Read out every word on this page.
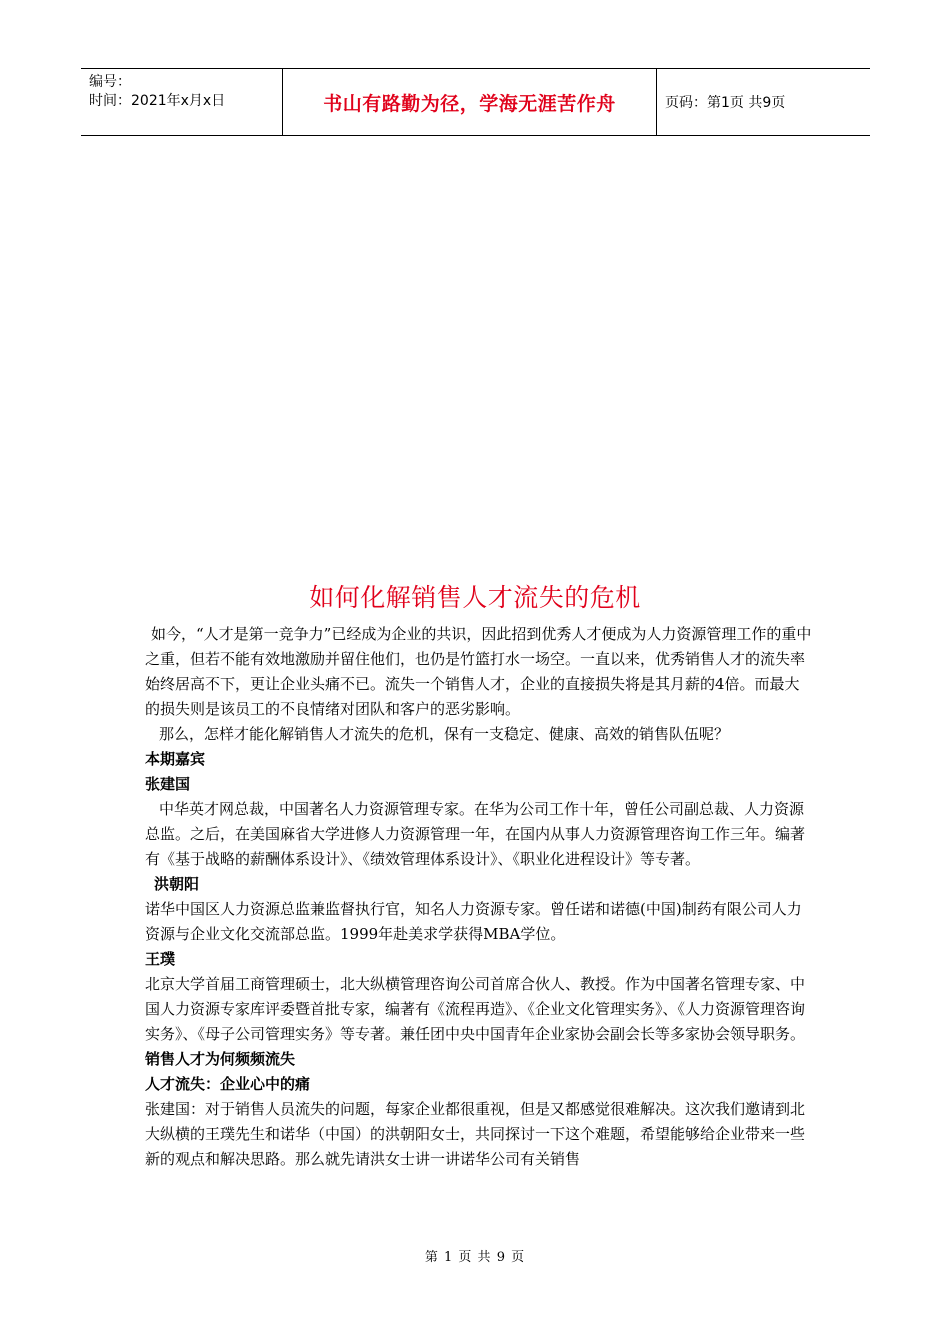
编号：
时间：2021年x月x日	书山有路勤为径，学海无涯苦作舟	页码：第1页 共9页
如何化解销售人才流失的危机

如今，“人才是第一竞争力”已经成为企业的共识，因此招到优秀人才便成为人力资源管理工作的重中之重，但若不能有效地激励并留住他们，也仍是竹篮打水一场空。一直以来，优秀销售人才的流失率始终居高不下，更让企业头痛不已。流失一个销售人才，企业的直接损失将是其月薪的4倍。而最大的损失则是该员工的不良情绪对团队和客户的恶劣影响。

那么，怎样才能化解销售人才流失的危机，保有一支稳定、健康、高效的销售队伍呢？

本期嘉宾

张建国

中华英才网总裁，中国著名人力资源管理专家。在华为公司工作十年，曾任公司副总裁、人力资源总监。之后，在美国麻省大学进修人力资源管理一年，在国内从事人力资源管理咨询工作三年。编著有《基于战略的薪酬体系设计》、《绩效管理体系设计》、《职业化进程设计》等专著。

洪朝阳

诺华中国区人力资源总监兼监督执行官，知名人力资源专家。曾任诺和诺德(中国)制药有限公司人力资源与企业文化交流部总监。1999年赴美求学获得MBA学位。

王璞

北京大学首届工商管理硕士，北大纵横管理咨询公司首席合伙人、教授。作为中国著名管理专家、中国人力资源专家库评委暨首批专家，编著有《流程再造》、《企业文化管理实务》、《人力资源管理咨询实务》、《母子公司管理实务》等专著。兼任团中央中国青年企业家协会副会长等多家协会领导职务。

销售人才为何频频流失

人才流失：企业心中的痛

张建国：对于销售人员流失的问题，每家企业都很重视，但是又都感觉很难解决。这次我们邀请到北大纵横的王璞先生和诺华（中国）的洪朝阳女士，共同探讨一下这个难题，希望能够给企业带来一些新的观点和解决思路。那么就先请洪女士讲一讲诺华公司有关销售

第 1 页 共 9 页
